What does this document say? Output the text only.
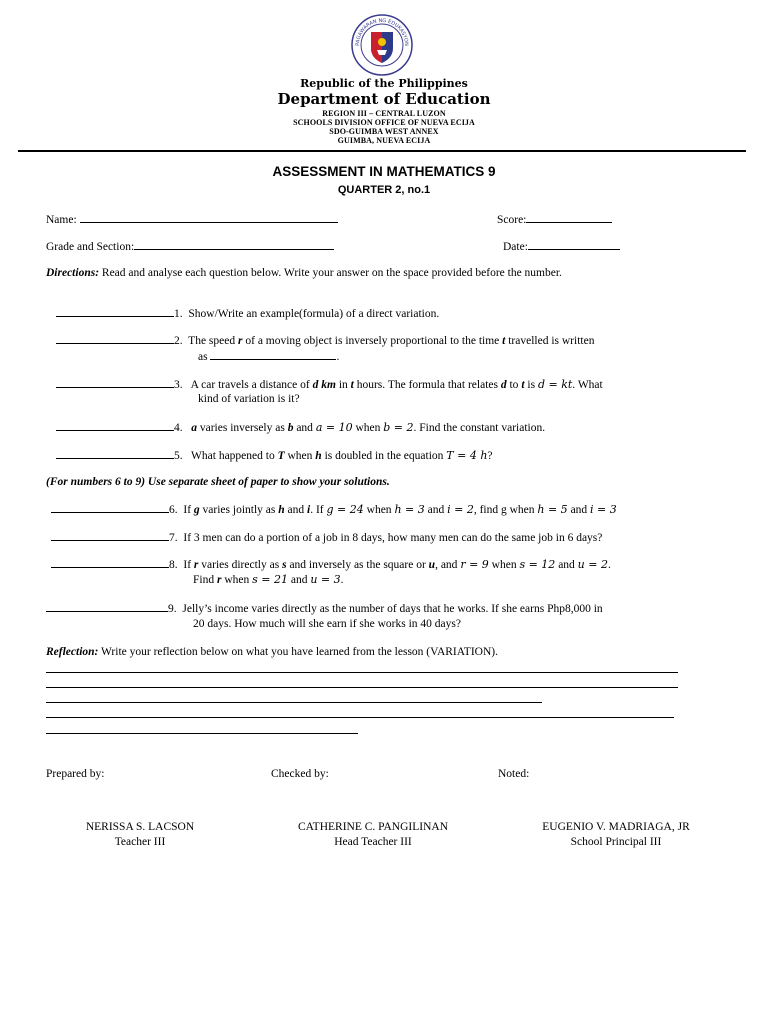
PAGAWARAN NG EDUKASYON
Republic of the Philippines
Department of Education
REGION III – CENTRAL LUZON
SCHOOLS DIVISION OFFICE OF NUEVA ECIJA
SDO-GUIMBA WEST ANNEX
GUIMBA, NUEVA ECIJA
ASSESSMENT IN MATHEMATICS 9
QUARTER 2, no.1
Name:	Score:
Grade and Section:	Date:
Directions: Read and analyse each question below. Write your answer on the space provided before the number.
1. Show/Write an example(formula) of a direct variation.
2. The speed r of a moving object is inversely proportional to the time t travelled is written
as	.
3. A car travels a distance of d km in t hours. The formula that relates d to t is d = kt. What
kind of variation is it?
4. a varies inversely as b and a = 10 when b = 2. Find the constant variation.
5. What happened to T when h is doubled in the equation T = 4 h?
(For numbers 6 to 9) Use separate sheet of paper to show your solutions.
6. If g varies jointly as h and i. If g = 24 when h = 3 and i = 2, find g when h = 5 and i = 3
7. If 3 men can do a portion of a job in 8 days, how many men can do the same job in 6 days?
8. If r varies directly as s and inversely as the square or u, and r = 9 when s = 12 and u = 2.
Find r when s = 21 and u = 3.
9. Jelly’s income varies directly as the number of days that he works. If she earns Php8,000 in
20 days. How much will she earn if she works in 40 days?
Reflection: Write your reflection below on what you have learned from the lesson (VARIATION).
Prepared by:	Checked by:	Noted:
NERISSA S. LACSON
Teacher III
CATHERINE C. PANGILINAN
Head Teacher III
EUGENIO V. MADRIAGA, JR
School Principal III
